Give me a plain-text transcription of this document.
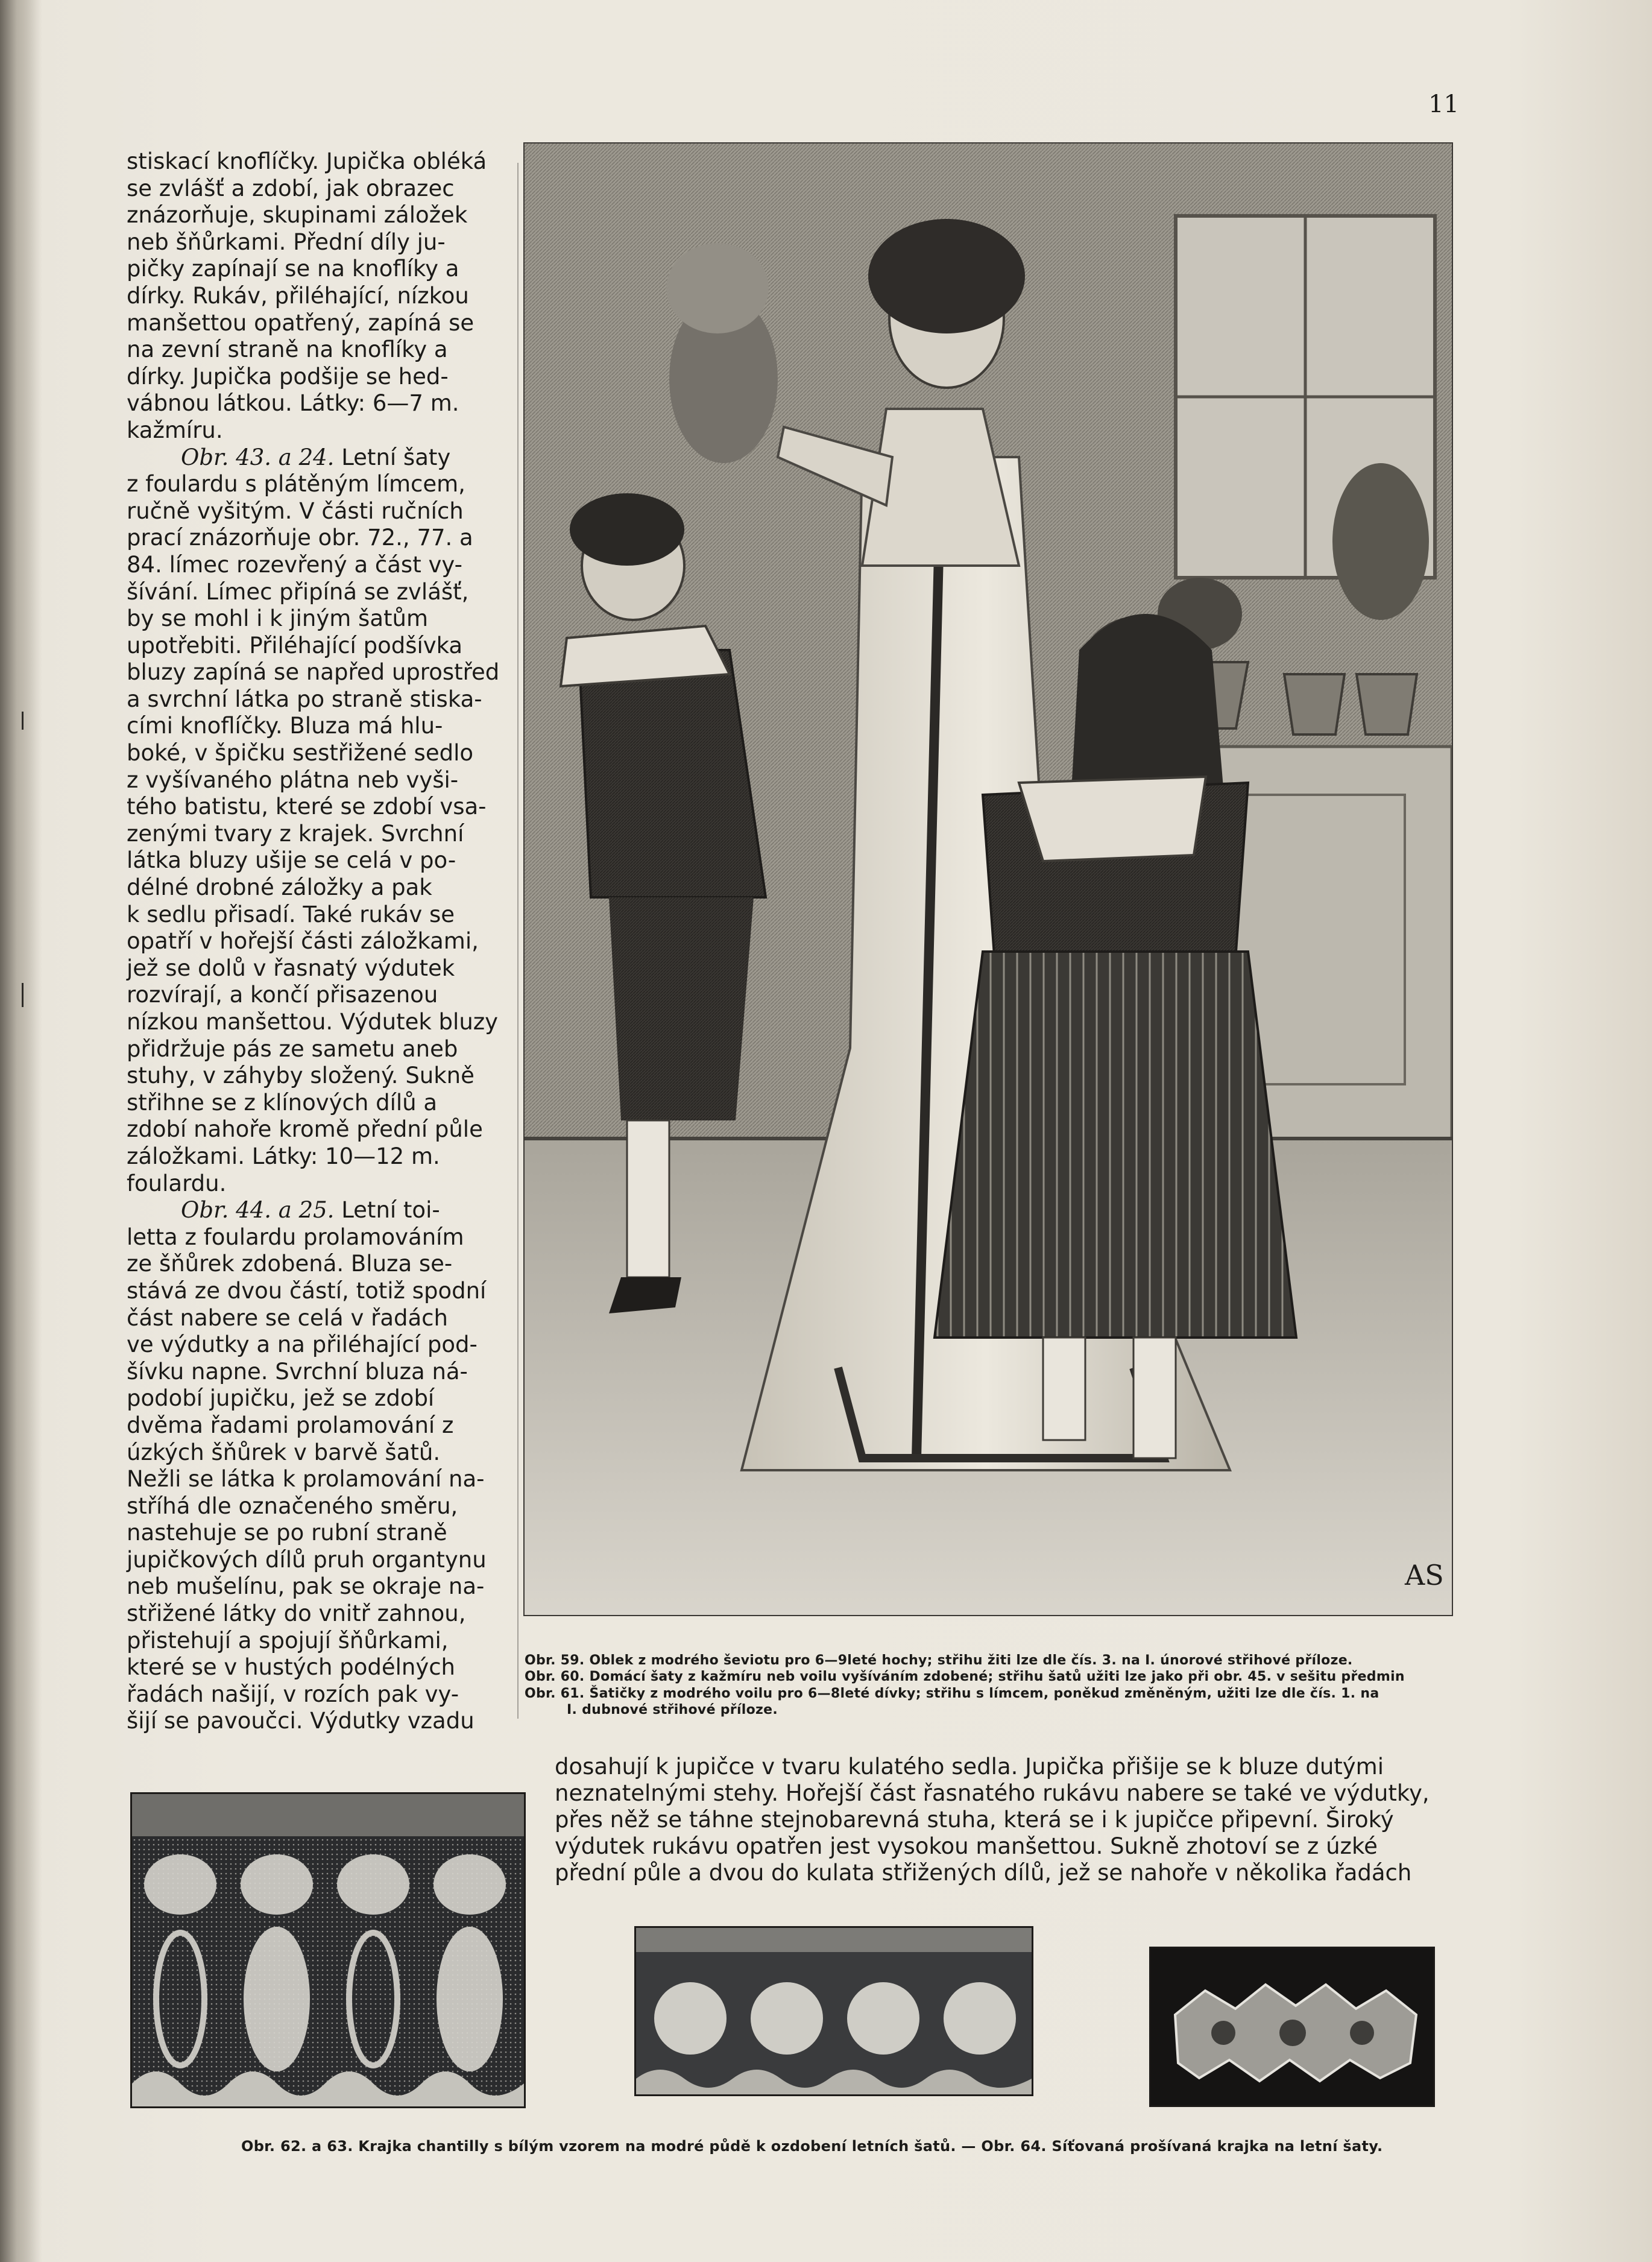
11

stiskací knoflíčky. Jupička obléká
se zvlášť a zdobí, jak obrazec
znázorňuje, skupinami záložek
neb šňůrkami. Přední díly ju-
pičky zapínají se na knoflíky a
dírky. Rukáv, přiléhající, nízkou
manšettou opatřený, zapíná se
na zevní straně na knoflíky a
dírky. Jupička podšije se hed-
vábnou látkou. Látky: 6—7 m.
kažmíru.

Obr. 43. a 24. Letní šaty
z foulardu s plátěným límcem,
ručně vyšitým. V části ručních
prací znázorňuje obr. 72., 77. a
84. límec rozevřený a část vy-
šívání. Límec připíná se zvlášť,
by se mohl i k jiným šatům
upotřebiti. Přiléhající podšívka
bluzy zapíná se napřed uprostřed
a svrchní látka po straně stiska-
cími knoflíčky. Bluza má hlu-
boké, v špičku sestřižené sedlo
z vyšívaného plátna neb vyši-
tého batistu, které se zdobí vsa-
zenými tvary z krajek. Svrchní
látka bluzy ušije se celá v po-
délné drobné záložky a pak
k sedlu přisadí. Také rukáv se
opatří v hořejší části záložkami,
jež se dolů v řasnatý výdutek
rozvírají, a končí přisazenou
nízkou manšettou. Výdutek bluzy
přidržuje pás ze sametu aneb
stuhy, v záhyby složený. Sukně
střihne se z klínových dílů a
zdobí nahoře kromě přední půle
záložkami. Látky: 10—12 m.
foulardu.

Obr. 44. a 25. Letní toi-
letta z foulardu prolamováním
ze šňůrek zdobená. Bluza se-
stává ze dvou částí, totiž spodní
část nabere se celá v řadách
ve výdutky a na přiléhající pod-
šívku napne. Svrchní bluza ná-
podobí jupičku, jež se zdobí
dvěma řadami prolamování z
úzkých šňůrek v barvě šatů.
Nežli se látka k prolamování na-
stříhá dle označeného směru,
nastehuje se po rubní straně
jupičkových dílů pruh organtynu
neb mušelínu, pak se okraje na-
střižené látky do vnitř zahnou,
přistehují a spojují šňůrkami,
které se v hustých podélných
řadách našijí, v rozích pak vy-
šijí se pavoučci. Výdutky vzadu

AS
Obr. 59. Oblek z modrého ševiotu pro 6—9leté hochy; střihu žiti lze dle čís. 3. na I. únorové střihové příloze.
Obr. 60. Domácí šaty z kažmíru neb voilu vyšíváním zdobené; střihu šatů užiti lze jako při obr. 45. v sešitu předmin
Obr. 61. Šatičky z modrého voilu pro 6—8leté dívky; střihu s límcem, poněkud změněným, užiti lze dle čís. 1. na
I. dubnové střihové příloze.

dosahují k jupičce v tvaru kulatého sedla. Jupička přišije se k bluze dutými
neznatelnými stehy. Hořejší část řasnatého rukávu nabere se také ve výdutky,
přes něž se táhne stejnobarevná stuha, která se i k jupičce připevní. Široký
výdutek rukávu opatřen jest vysokou manšettou. Sukně zhotoví se z úzké
přední půle a dvou do kulata střižených dílů, jež se nahoře v několika řadách

Obr. 62. a 63. Krajka chantilly s bílým vzorem na modré půdě k ozdobení letních šatů. — Obr. 64. Síťovaná prošívaná krajka na letní šaty.
